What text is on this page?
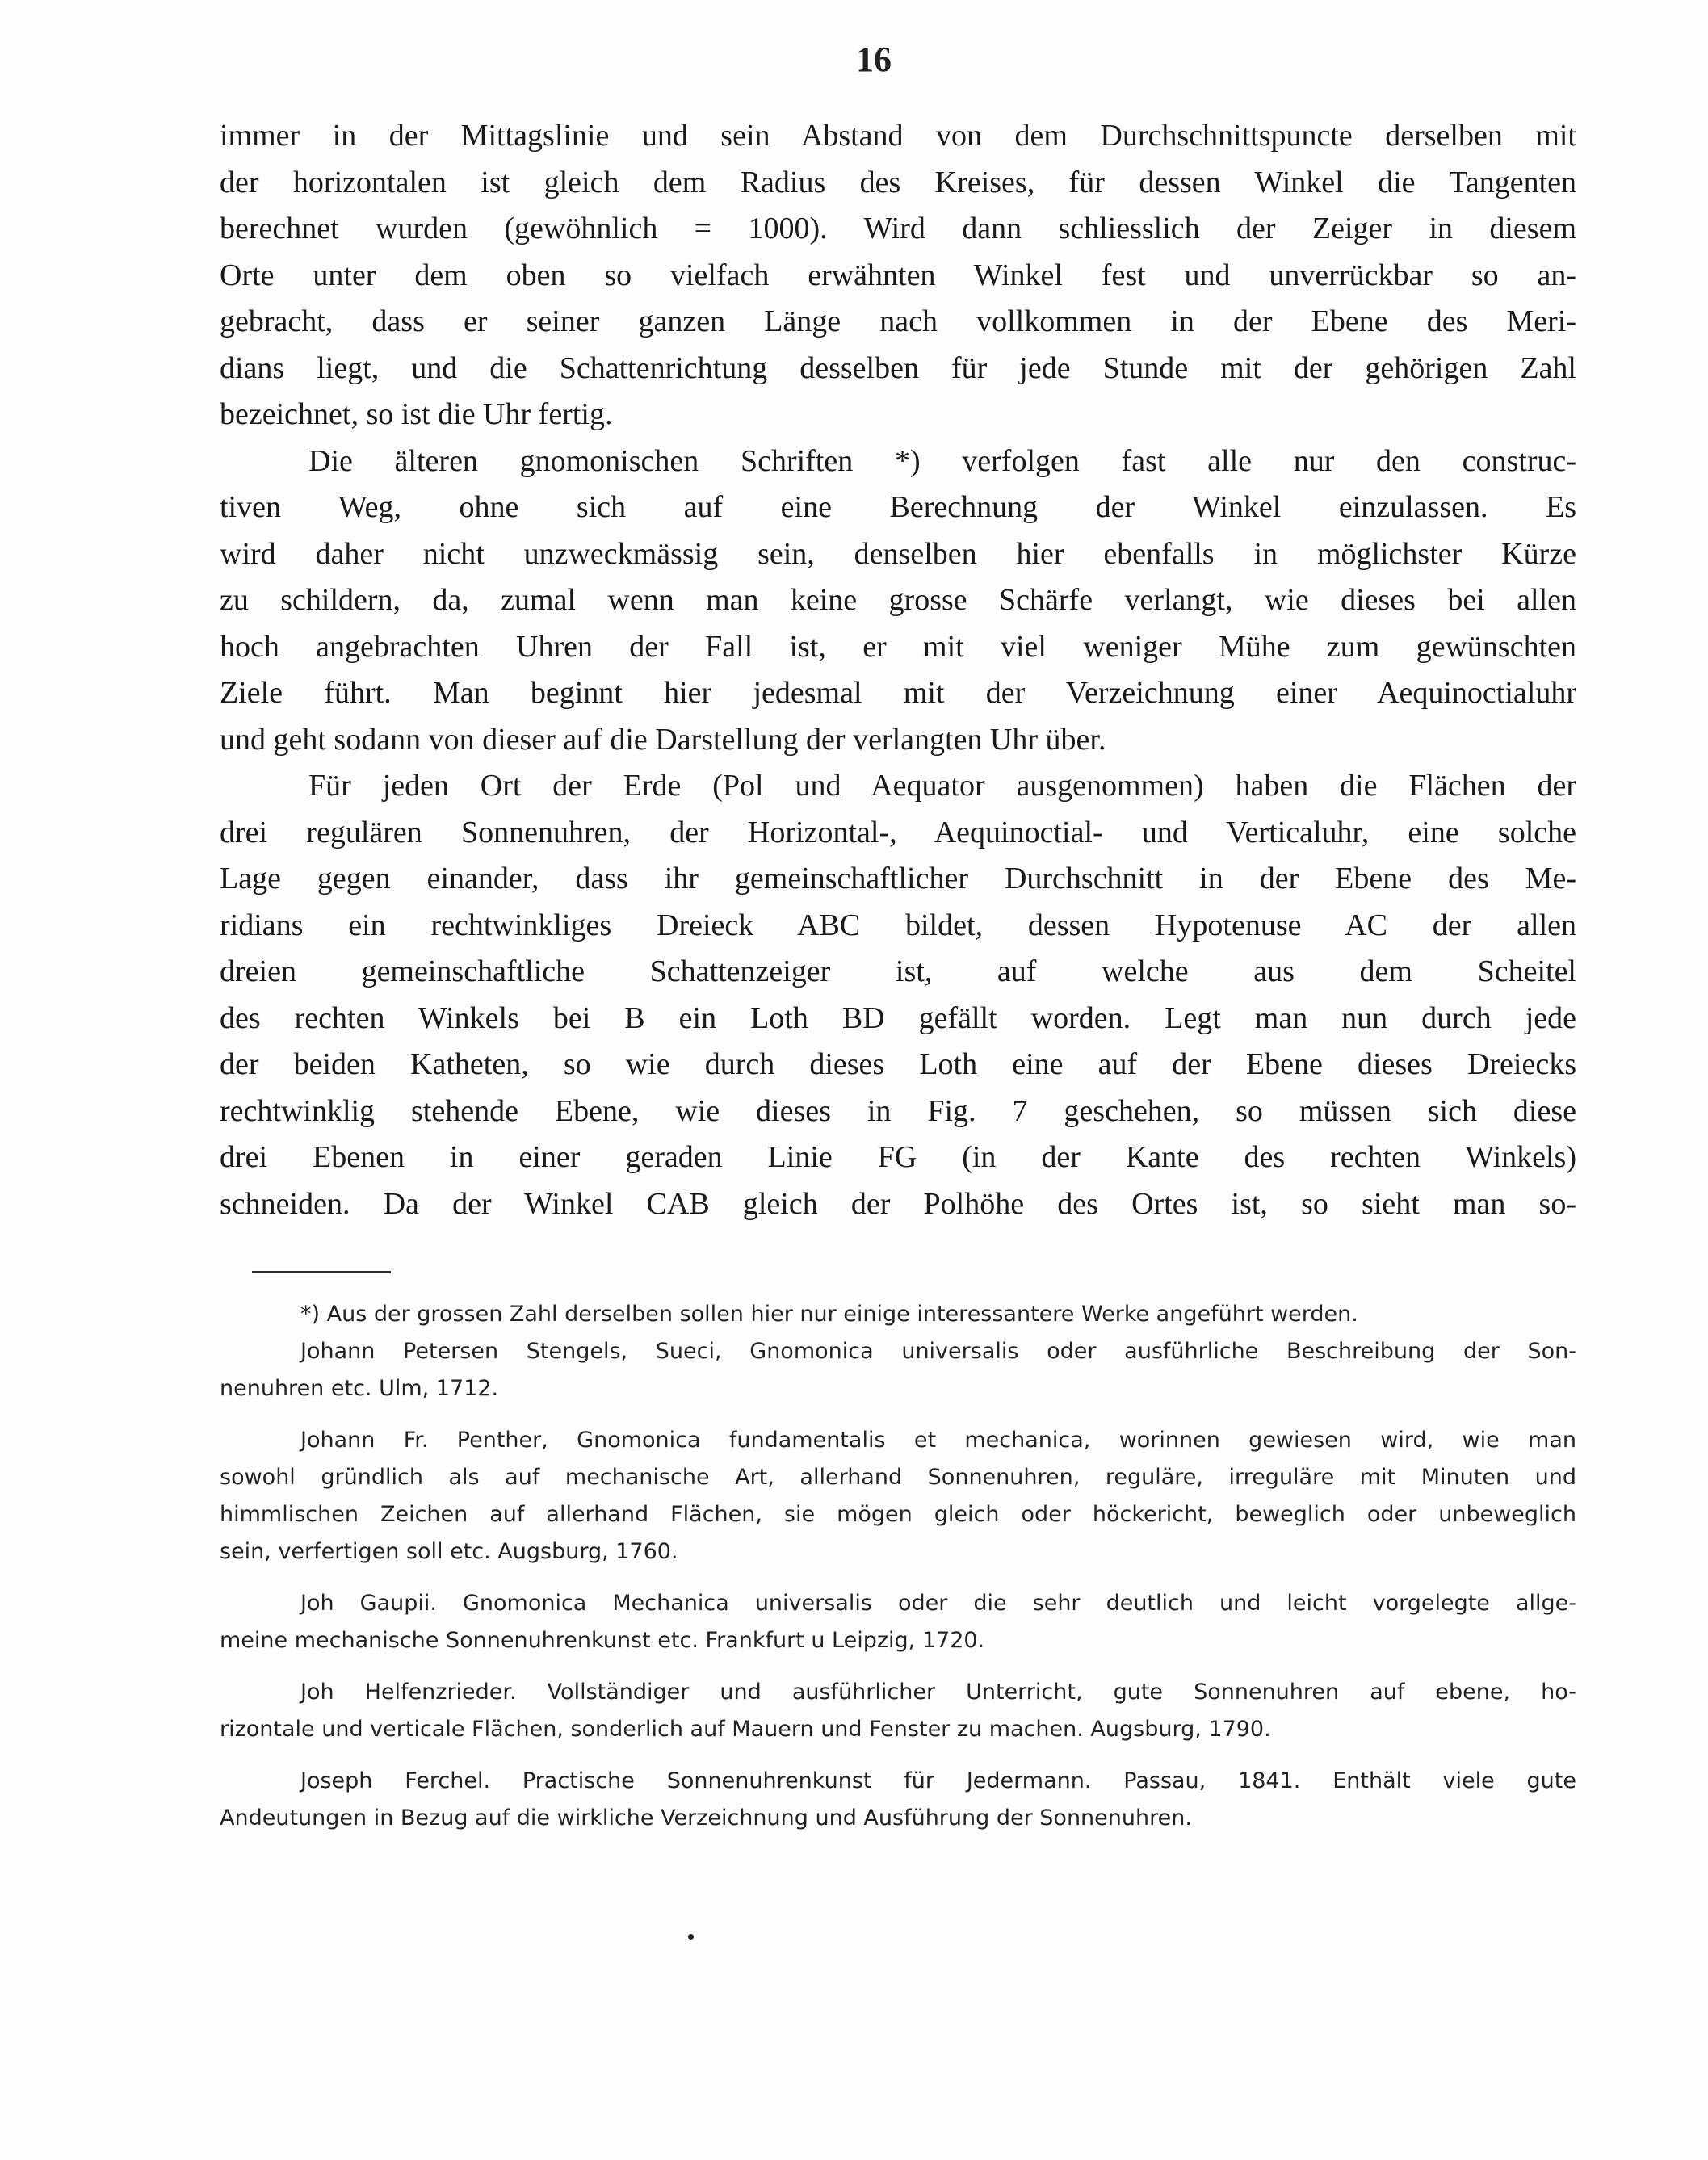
16
immer in der Mittagslinie und sein Abstand von dem Durchschnittspuncte derselben mit
der horizontalen ist gleich dem Radius des Kreises, für dessen Winkel die Tangenten
berechnet wurden (gewöhnlich = 1000). Wird dann schliesslich der Zeiger in diesem
Orte unter dem oben so vielfach erwähnten Winkel fest und unverrückbar so an-
gebracht, dass er seiner ganzen Länge nach vollkommen in der Ebene des Meri-
dians liegt, und die Schattenrichtung desselben für jede Stunde mit der gehörigen Zahl
bezeichnet, so ist die Uhr fertig.
Die älteren gnomonischen Schriften *) verfolgen fast alle nur den construc-
tiven Weg, ohne sich auf eine Berechnung der Winkel einzulassen. Es
wird daher nicht unzweckmässig sein, denselben hier ebenfalls in möglichster Kürze
zu schildern, da, zumal wenn man keine grosse Schärfe verlangt, wie dieses bei allen
hoch angebrachten Uhren der Fall ist, er mit viel weniger Mühe zum gewünschten
Ziele führt. Man beginnt hier jedesmal mit der Verzeichnung einer Aequinoctialuhr
und geht sodann von dieser auf die Darstellung der verlangten Uhr über.
Für jeden Ort der Erde (Pol und Aequator ausgenommen) haben die Flächen der
drei regulären Sonnenuhren, der Horizontal-, Aequinoctial- und Verticaluhr, eine solche
Lage gegen einander, dass ihr gemeinschaftlicher Durchschnitt in der Ebene des Me-
ridians ein rechtwinkliges Dreieck ABC bildet, dessen Hypotenuse AC der allen
dreien gemeinschaftliche Schattenzeiger ist, auf welche aus dem Scheitel
des rechten Winkels bei B ein Loth BD gefällt worden. Legt man nun durch jede
der beiden Katheten, so wie durch dieses Loth eine auf der Ebene dieses Dreiecks
rechtwinklig stehende Ebene, wie dieses in Fig. 7 geschehen, so müssen sich diese
drei Ebenen in einer geraden Linie FG (in der Kante des rechten Winkels)
schneiden. Da der Winkel CAB gleich der Polhöhe des Ortes ist, so sieht man so-
*) Aus der grossen Zahl derselben sollen hier nur einige interessantere Werke angeführt werden.
Johann Petersen Stengels, Sueci, Gnomonica universalis oder ausführliche Beschreibung der Son-
nenuhren etc. Ulm, 1712.
Johann Fr. Penther, Gnomonica fundamentalis et mechanica, worinnen gewiesen wird, wie man
sowohl gründlich als auf mechanische Art, allerhand Sonnenuhren, reguläre, irreguläre mit Minuten und
himmlischen Zeichen auf allerhand Flächen, sie mögen gleich oder höckericht, beweglich oder unbeweglich
sein, verfertigen soll etc. Augsburg, 1760.
Joh Gaupii. Gnomonica Mechanica universalis oder die sehr deutlich und leicht vorgelegte allge-
meine mechanische Sonnenuhrenkunst etc. Frankfurt u Leipzig, 1720.
Joh Helfenzrieder. Vollständiger und ausführlicher Unterricht, gute Sonnenuhren auf ebene, ho-
rizontale und verticale Flächen, sonderlich auf Mauern und Fenster zu machen. Augsburg, 1790.
Joseph Ferchel. Practische Sonnenuhrenkunst für Jedermann. Passau, 1841. Enthält viele gute
Andeutungen in Bezug auf die wirkliche Verzeichnung und Ausführung der Sonnenuhren.
